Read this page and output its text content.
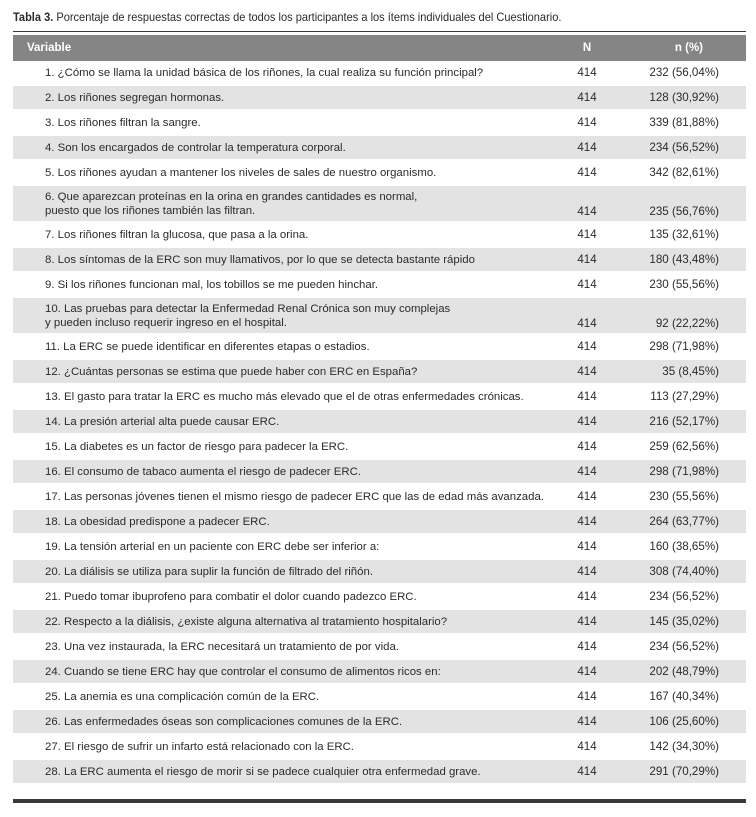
Tabla 3. Porcentaje de respuestas correctas de todos los participantes a los ítems individuales del Cuestionario.
Variable	N	n (%)
1. ¿Cómo se llama la unidad básica de los riñones, la cual realiza su función principal?	414	232 (56,04%)
2. Los riñones segregan hormonas.	414	128 (30,92%)
3. Los riñones filtran la sangre.	414	339 (81,88%)
4. Son los encargados de controlar la temperatura corporal.	414	234 (56,52%)
5. Los riñones ayudan a mantener los niveles de sales de nuestro organismo.	414	342 (82,61%)
6. Que aparezcan proteínas en la orina en grandes cantidades es normal,
puesto que los riñones también las filtran.	414	235 (56,76%)
7. Los riñones filtran la glucosa, que pasa a la orina.	414	135 (32,61%)
8. Los síntomas de la ERC son muy llamativos, por lo que se detecta bastante rápido	414	180 (43,48%)
9. Si los riñones funcionan mal, los tobillos se me pueden hinchar.	414	230 (55,56%)
10. Las pruebas para detectar la Enfermedad Renal Crónica son muy complejas
y pueden incluso requerir ingreso en el hospital.	414	92 (22,22%)
11. La ERC se puede identificar en diferentes etapas o estadios.	414	298 (71,98%)
12. ¿Cuántas personas se estima que puede haber con ERC en España?	414	35 (8,45%)
13. El gasto para tratar la ERC es mucho más elevado que el de otras enfermedades crónicas.	414	113 (27,29%)
14. La presión arterial alta puede causar ERC.	414	216 (52,17%)
15. La diabetes es un factor de riesgo para padecer la ERC.	414	259 (62,56%)
16. El consumo de tabaco aumenta el riesgo de padecer ERC.	414	298 (71,98%)
17. Las personas jóvenes tienen el mismo riesgo de padecer ERC que las de edad más avanzada.	414	230 (55,56%)
18. La obesidad predispone a padecer ERC.	414	264 (63,77%)
19. La tensión arterial en un paciente con ERC debe ser inferior a:	414	160 (38,65%)
20. La diálisis se utiliza para suplir la función de filtrado del riñón.	414	308 (74,40%)
21. Puedo tomar ibuprofeno para combatir el dolor cuando padezco ERC.	414	234 (56,52%)
22. Respecto a la diálisis, ¿existe alguna alternativa al tratamiento hospitalario?	414	145 (35,02%)
23. Una vez instaurada, la ERC necesitará un tratamiento de por vida.	414	234 (56,52%)
24. Cuando se tiene ERC hay que controlar el consumo de alimentos ricos en:	414	202 (48,79%)
25. La anemia es una complicación común de la ERC.	414	167 (40,34%)
26. Las enfermedades óseas son complicaciones comunes de la ERC.	414	106 (25,60%)
27. El riesgo de sufrir un infarto está relacionado con la ERC.	414	142 (34,30%)
28. La ERC aumenta el riesgo de morir si se padece cualquier otra enfermedad grave.	414	291 (70,29%)
